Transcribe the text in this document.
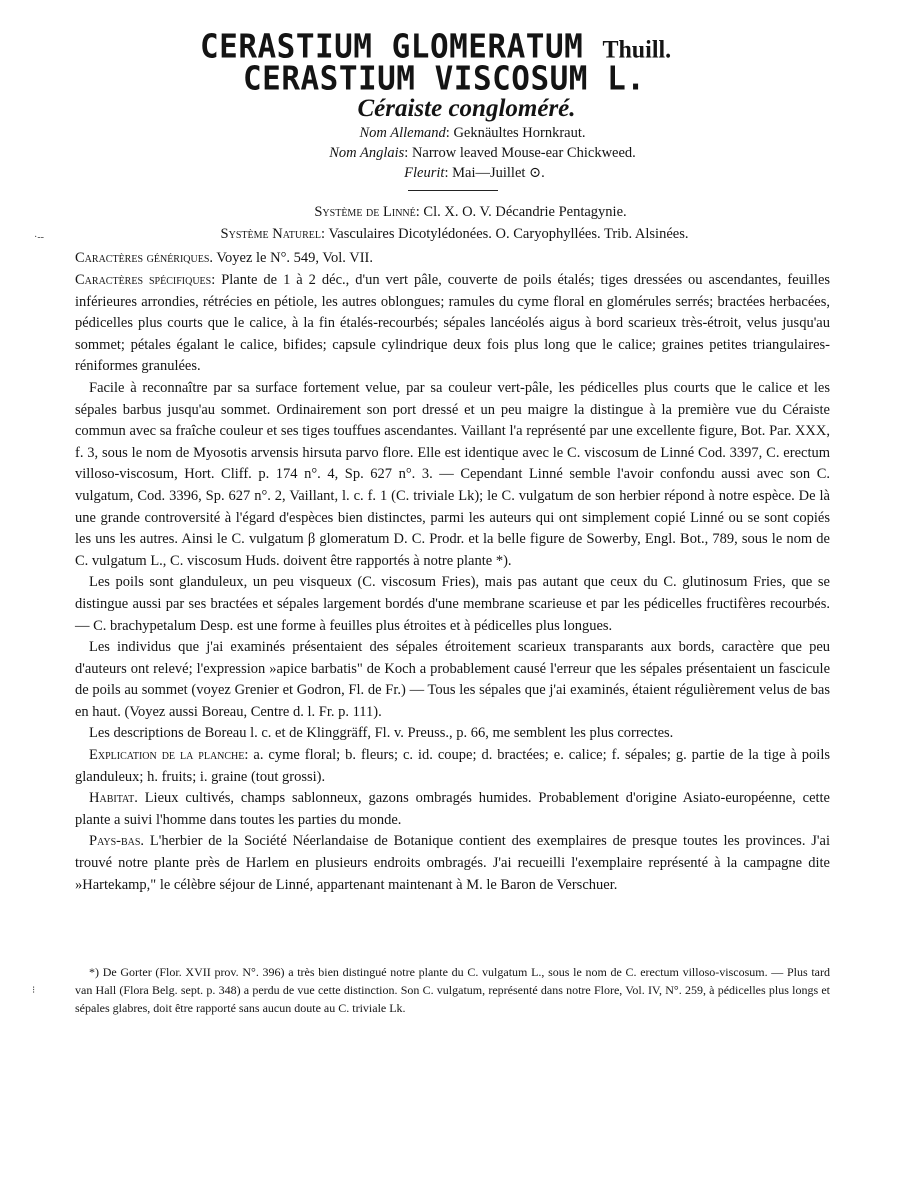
CERASTIUM GLOMERATUM Thuill.
CERASTIUM VISCOSUM L.
Céraiste congloméré.
Nom Allemand: Geknäultes Hornkraut.
Nom Anglais: Narrow leaved Mouse-ear Chickweed.
Fleurit: Mai—Juillet ⊙.
Système de Linné: Cl. X. O. V. Décandrie Pentagynie.
Système Naturel: Vasculaires Dicotylédonées. O. Caryophyllées. Trib. Alsinées.

Caractères génériques. Voyez le N°. 549, Vol. VII.

Caractères spécifiques: Plante de 1 à 2 déc., d'un vert pâle, couverte de poils étalés; tiges dressées ou ascendantes, feuilles inférieures arrondies, rétrécies en pétiole, les autres oblongues; ramules du cyme floral en glomérules serrés; bractées herbacées, pédicelles plus courts que le calice, à la fin étalés-recourbés; sépales lancéolés aigus à bord scarieux très-étroit, velus jusqu'au sommet; pétales égalant le calice, bifides; capsule cylindrique deux fois plus long que le calice; graines petites triangulaires-réniformes granulées.

Facile à reconnaître par sa surface fortement velue, par sa couleur vert-pâle, les pédicelles plus courts que le calice et les sépales barbus jusqu'au sommet. Ordinairement son port dressé et un peu maigre la distingue à la première vue du Céraiste commun avec sa fraîche couleur et ses tiges touffues ascendantes. Vaillant l'a représenté par une excellente figure, Bot. Par. XXX, f. 3, sous le nom de Myosotis arvensis hirsuta parvo flore. Elle est identique avec le C. viscosum de Linné Cod. 3397, C. erectum villoso-viscosum, Hort. Cliff. p. 174 n°. 4, Sp. 627 n°. 3. — Cependant Linné semble l'avoir confondu aussi avec son C. vulgatum, Cod. 3396, Sp. 627 n°. 2, Vaillant, l. c. f. 1 (C. triviale Lk); le C. vulgatum de son herbier répond à notre espèce. De là une grande controversité à l'égard d'espèces bien distinctes, parmi les auteurs qui ont simplement copié Linné ou se sont copiés les uns les autres. Ainsi le C. vulgatum β glomeratum D. C. Prodr. et la belle figure de Sowerby, Engl. Bot., 789, sous le nom de C. vulgatum L., C. viscosum Huds. doivent être rapportés à notre plante *).

Les poils sont glanduleux, un peu visqueux (C. viscosum Fries), mais pas autant que ceux du C. glutinosum Fries, que se distingue aussi par ses bractées et sépales largement bordés d'une membrane scarieuse et par les pédicelles fructifères recourbés. — C. brachypetalum Desp. est une forme à feuilles plus étroites et à pédicelles plus longues.

Les individus que j'ai examinés présentaient des sépales étroitement scarieux transparants aux bords, caractère que peu d'auteurs ont relevé; l'expression »apice barbatis" de Koch a probablement causé l'erreur que les sépales présentaient un fascicule de poils au sommet (voyez Grenier et Godron, Fl. de Fr.) — Tous les sépales que j'ai examinés, étaient régulièrement velus de bas en haut. (Voyez aussi Boreau, Centre d. l. Fr. p. 111).

Les descriptions de Boreau l. c. et de Klinggräff, Fl. v. Preuss., p. 66, me semblent les plus correctes.

Explication de la planche: a. cyme floral; b. fleurs; c. id. coupe; d. bractées; e. calice; f. sépales; g. partie de la tige à poils glanduleux; h. fruits; i. graine (tout grossi).

Habitat. Lieux cultivés, champs sablonneux, gazons ombragés humides. Probablement d'origine Asiato-européenne, cette plante a suivi l'homme dans toutes les parties du monde.

Pays-bas. L'herbier de la Société Néerlandaise de Botanique contient des exemplaires de presque toutes les provinces. J'ai trouvé notre plante près de Harlem en plusieurs endroits ombragés. J'ai recueilli l'exemplaire représenté à la campagne dite »Hartekamp," le célèbre séjour de Linné, appartenant maintenant à M. le Baron de Verschuer.

*) De Gorter (Flor. XVII prov. N°. 396) a très bien distingué notre plante du C. vulgatum L., sous le nom de C. erectum villoso-viscosum. — Plus tard van Hall (Flora Belg. sept. p. 348) a perdu de vue cette distinction. Son C. vulgatum, représenté dans notre Flore, Vol. IV, N°. 259, à pédicelles plus longs et sépales glabres, doit être rapporté sans aucun doute au C. triviale Lk.
·--
⁝
